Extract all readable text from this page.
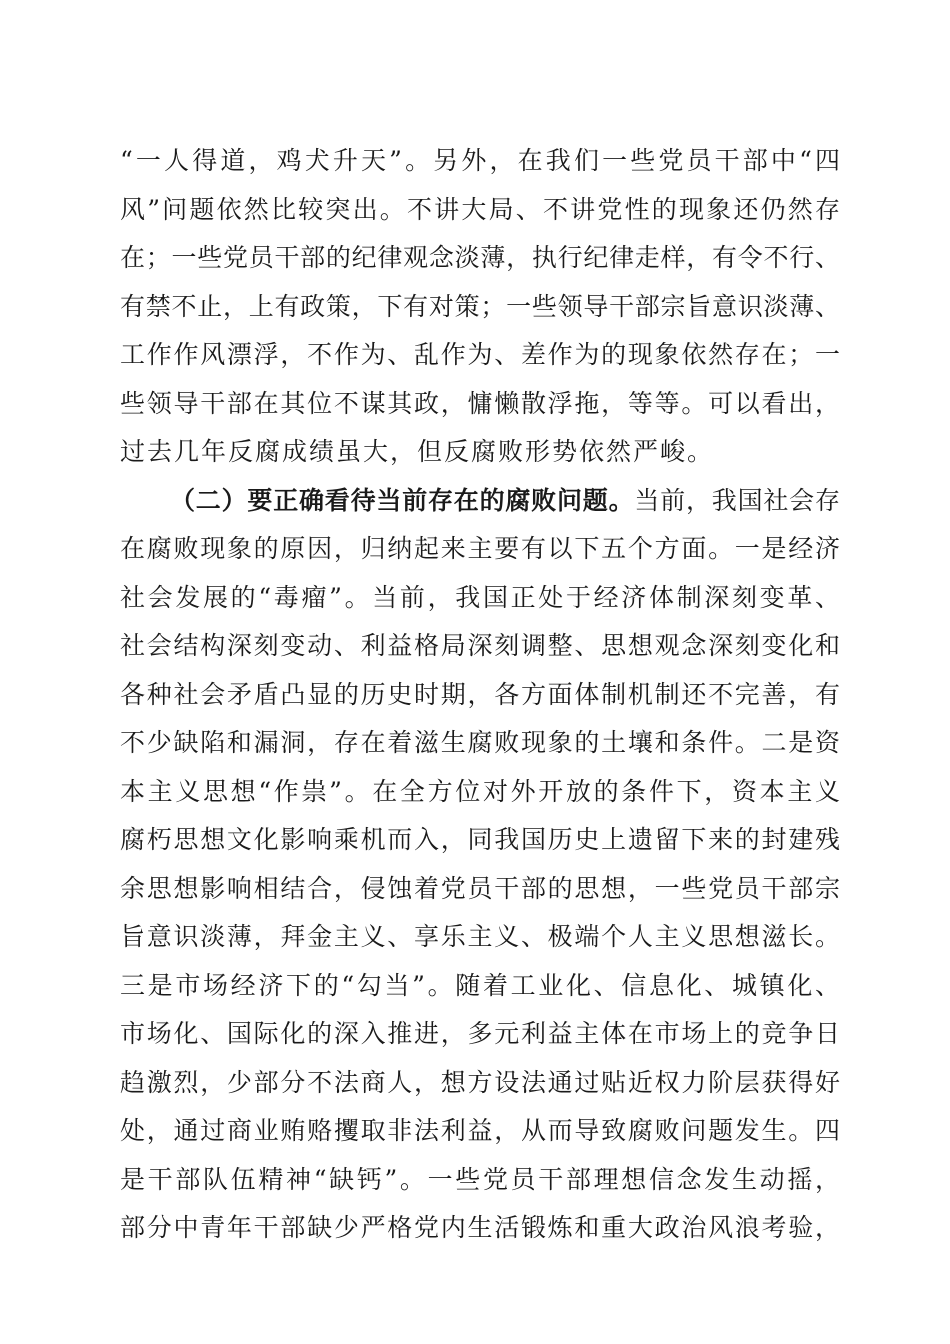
“一人得道，鸡犬升天”。另外，在我们一些党员干部中“四
风”问题依然比较突出。不讲大局、不讲党性的现象还仍然存
在；一些党员干部的纪律观念淡薄，执行纪律走样，有令不行、
有禁不止，上有政策，下有对策；一些领导干部宗旨意识淡薄、
工作作风漂浮，不作为、乱作为、差作为的现象依然存在；一
些领导干部在其位不谋其政，慵懒散浮拖，等等。可以看出，
过去几年反腐成绩虽大，但反腐败形势依然严峻。
（二）要正确看待当前存在的腐败问题。当前，我国社会存
在腐败现象的原因，归纳起来主要有以下五个方面。一是经济
社会发展的“毒瘤”。当前，我国正处于经济体制深刻变革、
社会结构深刻变动、利益格局深刻调整、思想观念深刻变化和
各种社会矛盾凸显的历史时期，各方面体制机制还不完善，有
不少缺陷和漏洞，存在着滋生腐败现象的土壤和条件。二是资
本主义思想“作祟”。在全方位对外开放的条件下，资本主义
腐朽思想文化影响乘机而入，同我国历史上遗留下来的封建残
余思想影响相结合，侵蚀着党员干部的思想，一些党员干部宗
旨意识淡薄，拜金主义、享乐主义、极端个人主义思想滋长。
三是市场经济下的“勾当”。随着工业化、信息化、城镇化、
市场化、国际化的深入推进，多元利益主体在市场上的竞争日
趋激烈，少部分不法商人，想方设法通过贴近权力阶层获得好
处，通过商业贿赂攫取非法利益，从而导致腐败问题发生。四
是干部队伍精神“缺钙”。一些党员干部理想信念发生动摇，
部分中青年干部缺少严格党内生活锻炼和重大政治风浪考验，
